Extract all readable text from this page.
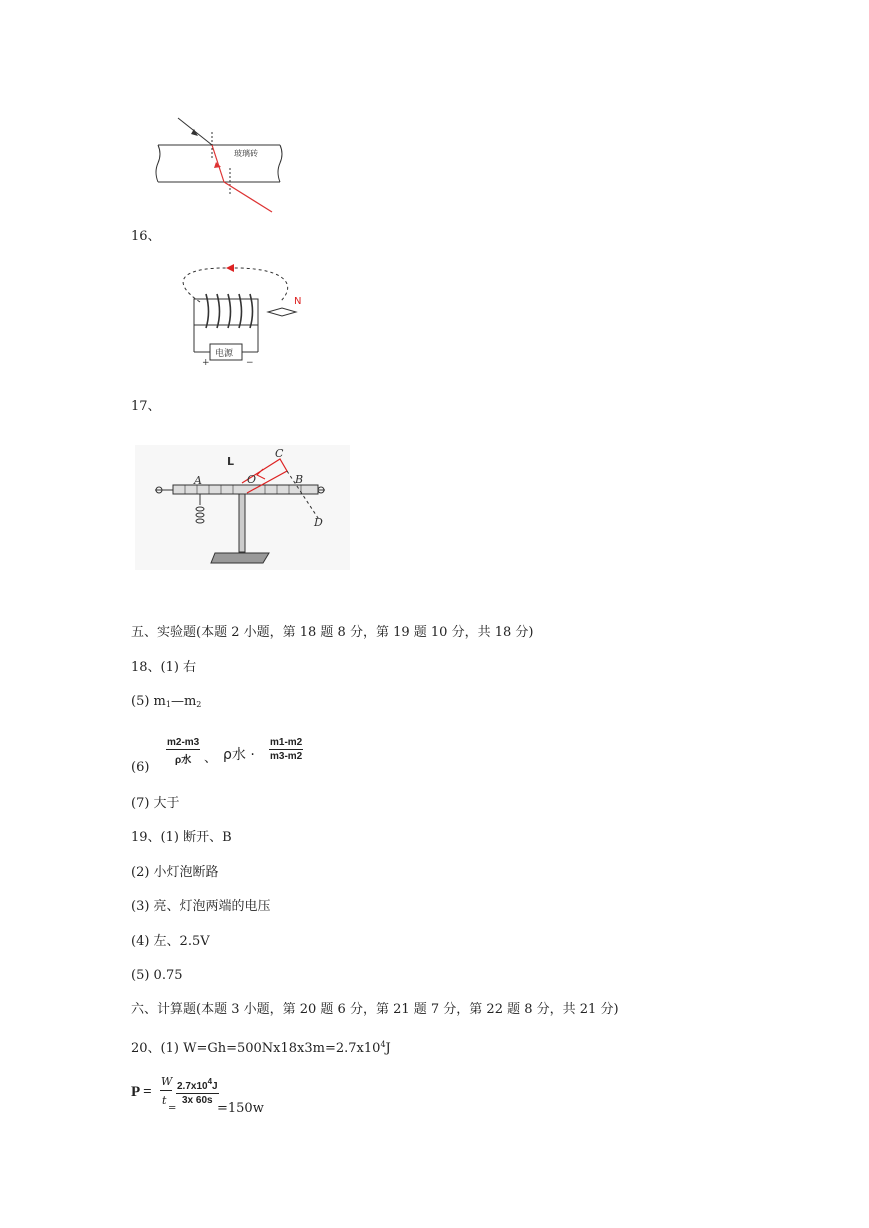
玻璃砖
16、
N
电源
+	−
17、
L
A	O	B
C
D
五、实验题(本题 2 小题，第 18 题 8 分，第 19 题 10 分，共 18 分)
18、(1) 右
(5) $m_1—m_2$
(6)
m2-m3
ρ水 、 ρ水 · $\frac{m1-m2}{m3-m2}$
(7) 大于
19、(1) 断开、B
(2) 小灯泡断路
(3) 亮、灯泡两端的电压
(4) 左、2.5V
(5) 0.75
六、计算题(本题 3 小题，第 20 题 6 分，第 21 题 7 分，第 22 题 8 分，共 21 分)
20、(1) $W=Gh=500Nx18x3m=2.7x10^4J$
P =
W
t
=
$\frac{2.7x10^4J}{3x 60s}$
=150w
